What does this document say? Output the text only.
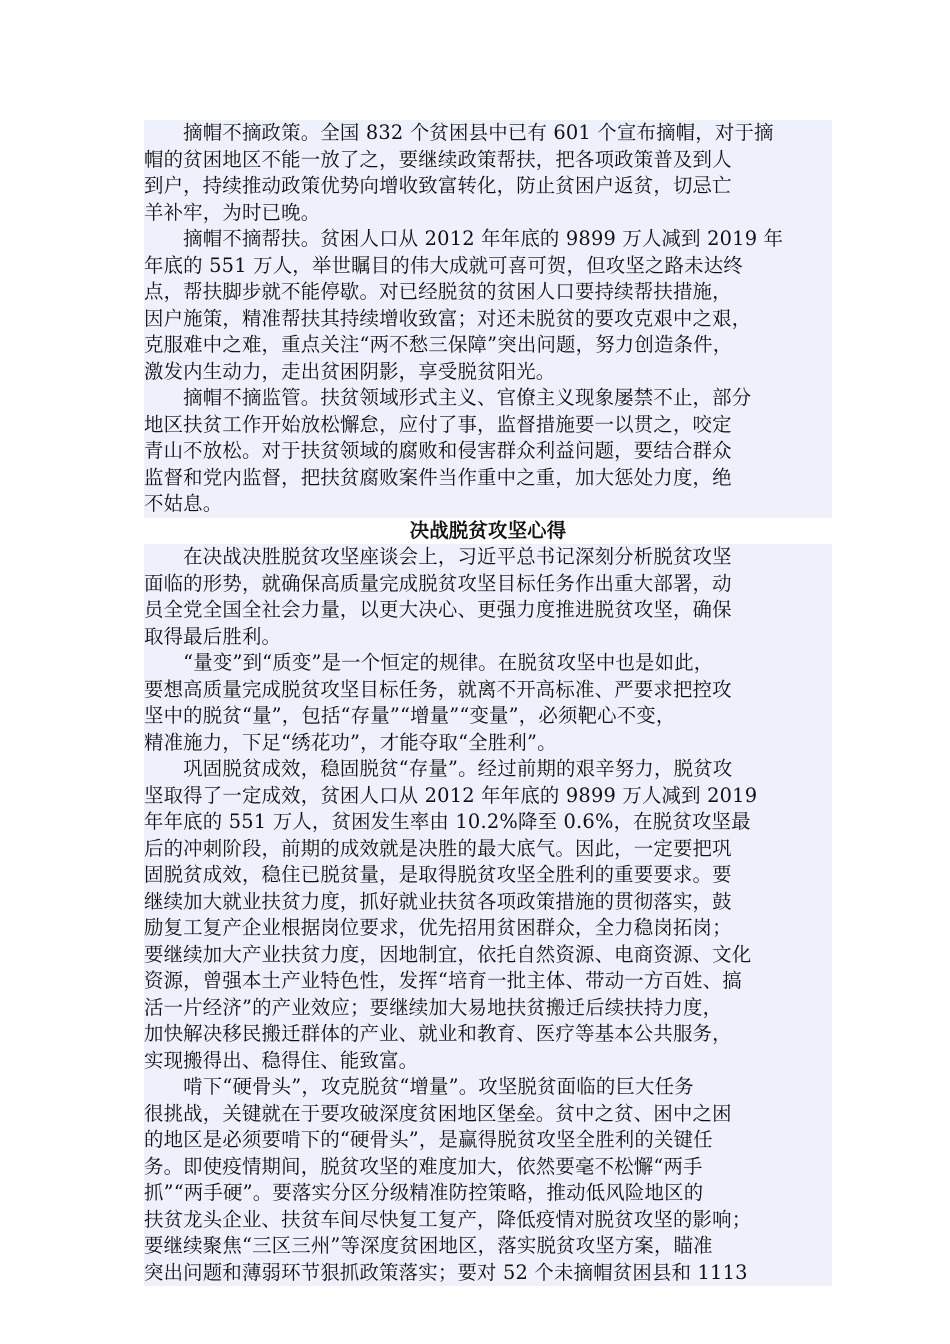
　　摘帽不摘政策。全国 832 个贫困县中已有 601 个宣布摘帽，对于摘
帽的贫困地区不能一放了之，要继续政策帮扶，把各项政策普及到人
到户，持续推动政策优势向增收致富转化，防止贫困户返贫，切忌亡
羊补牢，为时已晚。
　　摘帽不摘帮扶。贫困人口从 2012 年年底的 9899 万人减到 2019 年
年底的 551 万人，举世瞩目的伟大成就可喜可贺，但攻坚之路未达终
点，帮扶脚步就不能停歇。对已经脱贫的贫困人口要持续帮扶措施，
因户施策，精准帮扶其持续增收致富；对还未脱贫的要攻克艰中之艰，
克服难中之难，重点关注“两不愁三保障”突出问题，努力创造条件，
激发内生动力，走出贫困阴影，享受脱贫阳光。
　　摘帽不摘监管。扶贫领域形式主义、官僚主义现象屡禁不止，部分
地区扶贫工作开始放松懈怠，应付了事，监督措施要一以贯之，咬定
青山不放松。对于扶贫领域的腐败和侵害群众利益问题，要结合群众
监督和党内监督，把扶贫腐败案件当作重中之重，加大惩处力度，绝
不姑息。
决战脱贫攻坚心得
　　在决战决胜脱贫攻坚座谈会上，习近平总书记深刻分析脱贫攻坚
面临的形势，就确保高质量完成脱贫攻坚目标任务作出重大部署，动
员全党全国全社会力量，以更大决心、更强力度推进脱贫攻坚，确保
取得最后胜利。
　　“量变”到“质变”是一个恒定的规律。在脱贫攻坚中也是如此，
要想高质量完成脱贫攻坚目标任务，就离不开高标准、严要求把控攻
坚中的脱贫“量”，包括“存量”“增量”“变量”，必须靶心不变，
精准施力，下足“绣花功”，才能夺取“全胜利”。
　　巩固脱贫成效，稳固脱贫“存量”。经过前期的艰辛努力，脱贫攻
坚取得了一定成效，贫困人口从 2012 年年底的 9899 万人减到 2019
年年底的 551 万人，贫困发生率由 10.2%降至 0.6%，在脱贫攻坚最
后的冲刺阶段，前期的成效就是决胜的最大底气。因此，一定要把巩
固脱贫成效，稳住已脱贫量，是取得脱贫攻坚全胜利的重要要求。要
继续加大就业扶贫力度，抓好就业扶贫各项政策措施的贯彻落实，鼓
励复工复产企业根据岗位要求，优先招用贫困群众，全力稳岗拓岗；
要继续加大产业扶贫力度，因地制宜，依托自然资源、电商资源、文化
资源，曾强本土产业特色性，发挥“培育一批主体、带动一方百姓、搞
活一片经济”的产业效应；要继续加大易地扶贫搬迁后续扶持力度，
加快解决移民搬迁群体的产业、就业和教育、医疗等基本公共服务，
实现搬得出、稳得住、能致富。
　　啃下“硬骨头”，攻克脱贫“增量”。攻坚脱贫面临的巨大任务
很挑战，关键就在于要攻破深度贫困地区堡垒。贫中之贫、困中之困
的地区是必须要啃下的“硬骨头”，是赢得脱贫攻坚全胜利的关键任
务。即使疫情期间，脱贫攻坚的难度加大，依然要毫不松懈“两手
抓”“两手硬”。要落实分区分级精准防控策略，推动低风险地区的
扶贫龙头企业、扶贫车间尽快复工复产，降低疫情对脱贫攻坚的影响；
要继续聚焦“三区三州”等深度贫困地区，落实脱贫攻坚方案，瞄准
突出问题和薄弱环节狠抓政策落实；要对 52 个未摘帽贫困县和 1113
